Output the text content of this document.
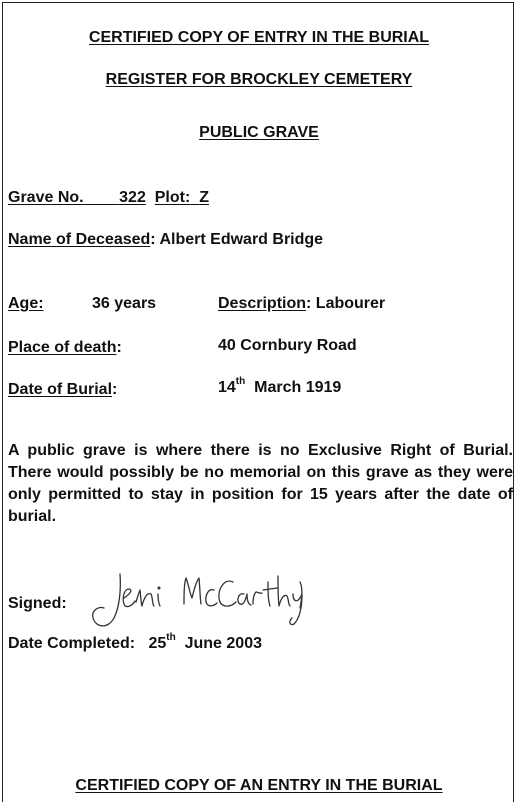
CERTIFIED COPY OF ENTRY IN THE BURIAL
REGISTER FOR BROCKLEY CEMETERY
PUBLIC GRAVE
Grave No. 322 Plot: Z
Name of Deceased: Albert Edward Bridge
Age:	36 years	Description: Labourer
Place of death:	40 Cornbury Road
Date of Burial:	14th March 1919
A public grave is where there is no Exclusive Right of Burial. There would possibly be no memorial on this grave as they were only permitted to stay in position for 15 years after the date of burial.
Signed:
Date Completed: 25th June 2003
CERTIFIED COPY OF AN ENTRY IN THE BURIAL
